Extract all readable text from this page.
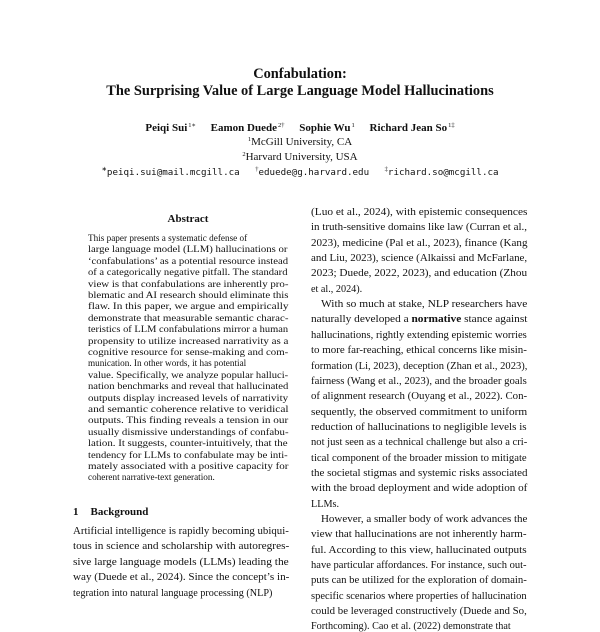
Confabulation:
The Surprising Value of Large Language Model Hallucinations
Peiqi Sui$^{1∗}$ Eamon Duede$^{2\dagger}$ Sophie Wu$^1$ Richard Jean $So^{1\ddagger}$
$^1$McGill University, CA
$^2$Harvard University, USA
∗peiqi.sui@mail.mcgill.ca †eduede@g.harvard.edu ‡richard.so@mcgill.ca
Abstract
This paper presents a systematic defense of
large language model (LLM) hallucinations or
‘confabulations’ as a potential resource instead
of a categorically negative pitfall. The standard
view is that confabulations are inherently pro-
blematic and AI research should eliminate this
flaw. In this paper, we argue and empirically
demonstrate that measurable semantic charac-
teristics of LLM confabulations mirror a human
propensity to utilize increased narrativity as a
cognitive resource for sense-making and com-
munication. In other words, it has potential
value. Specifically, we analyze popular halluci-
nation benchmarks and reveal that hallucinated
outputs display increased levels of narrativity
and semantic coherence relative to veridical
outputs. This finding reveals a tension in our
usually dismissive understandings of confabu-
lation. It suggests, counter-intuitively, that the
tendency for LLMs to confabulate may be inti-
mately associated with a positive capacity for
coherent narrative-text generation.
1 Background
Artificial intelligence is rapidly becoming ubiqui-
tous in science and scholarship with autoregres-
sive large language models (LLMs) leading the
way (Duede et al., 2024). Since the concept’s in-
tegration into natural language processing (NLP)
(Luo et al., 2024), with epistemic consequences
in truth-sensitive domains like law (Curran et al.,
2023), medicine (Pal et al., 2023), finance (Kang
and Liu, 2023), science (Alkaissi and McFarlane,
2023; Duede, 2022, 2023), and education (Zhou
et al., 2024).
With so much at stake, NLP researchers have
naturally developed a normative stance against
hallucinations, rightly extending epistemic worries
to more far-reaching, ethical concerns like misin-
formation (Li, 2023), deception (Zhan et al., 2023),
fairness (Wang et al., 2023), and the broader goals
of alignment research (Ouyang et al., 2022). Con-
sequently, the observed commitment to uniform
reduction of hallucinations to negligible levels is
not just seen as a technical challenge but also a cri-
tical component of the broader mission to mitigate
the societal stigmas and systemic risks associated
with the broad deployment and wide adoption of
LLMs.
However, a smaller body of work advances the
view that hallucinations are not inherently harm-
ful. According to this view, hallucinated outputs
have particular affordances. For instance, such out-
puts can be utilized for the exploration of domain-
specific scenarios where properties of hallucination
could be leveraged constructively (Duede and So,
Forthcoming). Cao et al. (2022) demonstrate that
